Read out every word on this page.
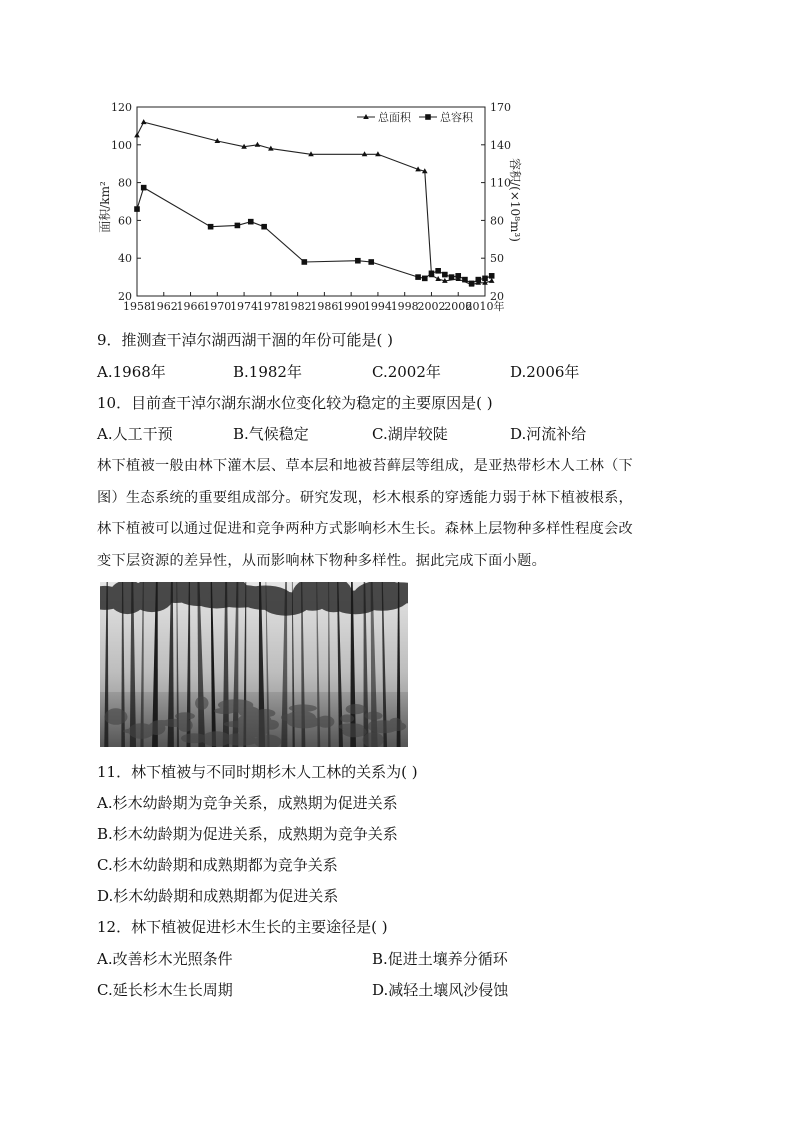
1958
1962
1966
1970
1974
1978
1982
1986
1990
1994
1998
2002
2006
2010年
20
40
60
80
100
120
20
50
80
110
140
170
总面积	总容积
面积/km²	容积/(×10⁸m³)
9．推测查干淖尔湖西湖干涸的年份可能是( )
A.1968年	B.1982年	C.2002年	D.2006年
10．目前查干淖尔湖东湖水位变化较为稳定的主要原因是( )
A.人工干预	B.气候稳定	C.湖岸较陡	D.河流补给
林下植被一般由林下灌木层、草本层和地被苔藓层等组成，是亚热带杉木人工林（下
图）生态系统的重要组成部分。研究发现，杉木根系的穿透能力弱于林下植被根系，
林下植被可以通过促进和竞争两种方式影响杉木生长。森林上层物种多样性程度会改
变下层资源的差异性，从而影响林下物种多样性。据此完成下面小题。
11．林下植被与不同时期杉木人工林的关系为( )
A.杉木幼龄期为竞争关系，成熟期为促进关系
B.杉木幼龄期为促进关系，成熟期为竞争关系
C.杉木幼龄期和成熟期都为竞争关系
D.杉木幼龄期和成熟期都为促进关系
12．林下植被促进杉木生长的主要途径是( )
A.改善杉木光照条件	B.促进土壤养分循环
C.延长杉木生长周期	D.减轻土壤风沙侵蚀
